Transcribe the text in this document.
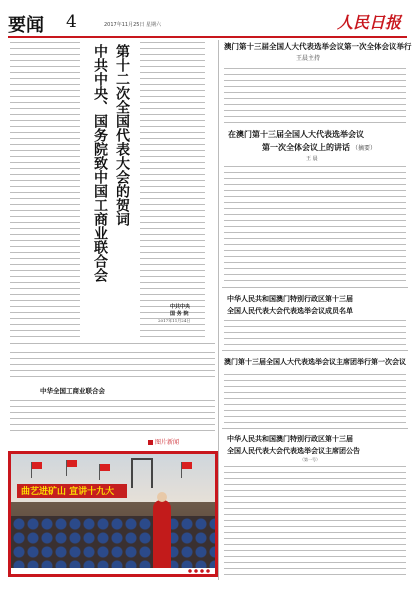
要闻 4	2017年11月25日 星期六	人民日报
第十二次全国代表大会的贺词
中共中央、国务院致中国工商业联合会
中共中央
国 务 院
2017年11月24日
中华全国工商业联合会
图片新闻
曲艺进矿山 宣讲十九大
澳门第十三届全国人大代表选举会议第一次全体会议举行
王晨主持
在澳门第十三届全国人大代表选举会议
第一次全体会议上的讲话 （摘要）
王 晨
中华人民共和国澳门特别行政区第十三届
全国人民代表大会代表选举会议成员名单
澳门第十三届全国人大代表选举会议主席团举行第一次会议
中华人民共和国澳门特别行政区第十三届
全国人民代表大会代表选举会议主席团公告
（第一号）
